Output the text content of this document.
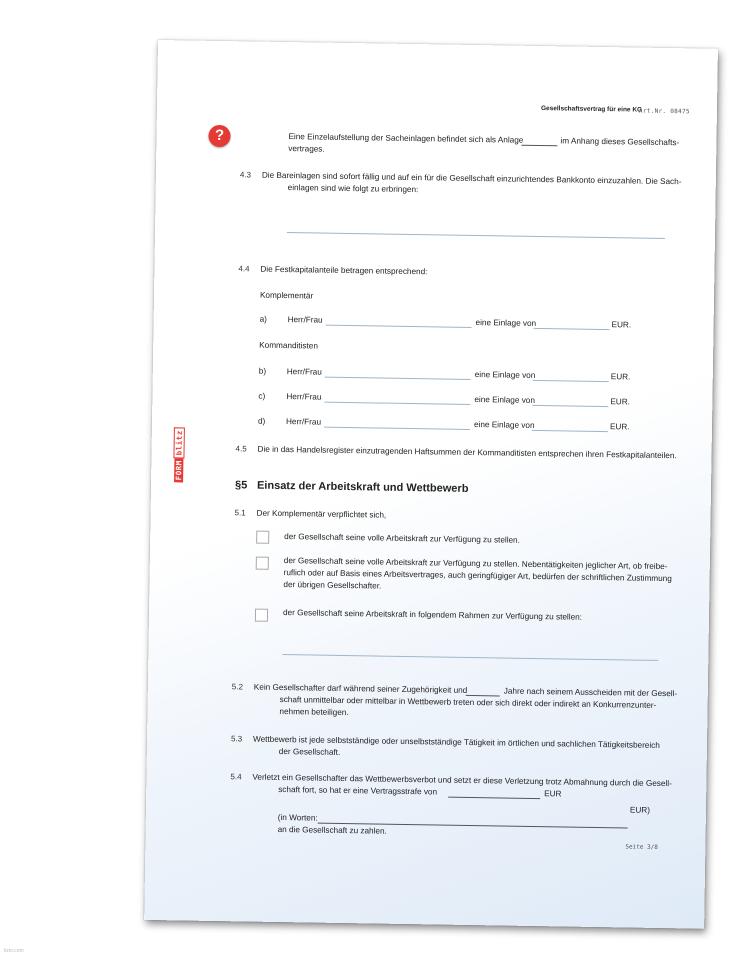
Gesellschaftsvertrag für eine KG
Art.Nr. 08475
?	Eine Einzelaufstellung der Sacheinlagen befindet sich als Anlage	im Anhang dieses Gesellschafts-
vertrages.
4.3 Die Bareinlagen sind sofort fällig und auf ein für die Gesellschaft einzurichtendes Bankkonto einzuzahlen. Die Sach-
einlagen sind wie folgt zu erbringen:
4.4 Die Festkapitalanteile betragen entsprechend:
Komplementär
a)	Herr/Frau	eine Einlage von	EUR.
Kommanditisten
b)	Herr/Frau	eine Einlage von	EUR.
c)	Herr/Frau	eine Einlage von	EUR.
d)	Herr/Frau	eine Einlage von	EUR.
4.5 Die in das Handelsregister einzutragenden Haftsummen der Kommanditisten entsprechen ihren Festkapitalanteilen.
FORMblitz
§5 Einsatz der Arbeitskraft und Wettbewerb
5.1 Der Komplementär verpflichtet sich,
der Gesellschaft seine volle Arbeitskraft zur Verfügung zu stellen.
der Gesellschaft seine volle Arbeitskraft zur Verfügung zu stellen. Nebentätigkeiten jeglicher Art, ob freibe-
ruflich oder auf Basis eines Arbeitsvertrages, auch geringfügiger Art, bedürfen der schriftlichen Zustimmung
der übrigen Gesellschafter.
der Gesellschaft seine Arbeitskraft in folgendem Rahmen zur Verfügung zu stellen:
5.2 Kein Gesellschafter darf während seiner Zugehörigkeit und	Jahre nach seinem Ausscheiden mit der Gesell-
schaft unmittelbar oder mittelbar in Wettbewerb treten oder sich direkt oder indirekt an Konkurrenzunter-
nehmen beteiligen.
5.3 Wettbewerb ist jede selbstständige oder unselbstständige Tätigkeit im örtlichen und sachlichen Tätigkeitsbereich
der Gesellschaft.
5.4 Verletzt ein Gesellschafter das Wettbewerbsverbot und setzt er diese Verletzung trotz Abmahnung durch die Gesell-
schaft fort, so hat er eine Vertragsstrafe von	EUR
EUR)
(in Worten:
an die Gesellschaft zu zahlen.
Seite 3/8
lizer.com
